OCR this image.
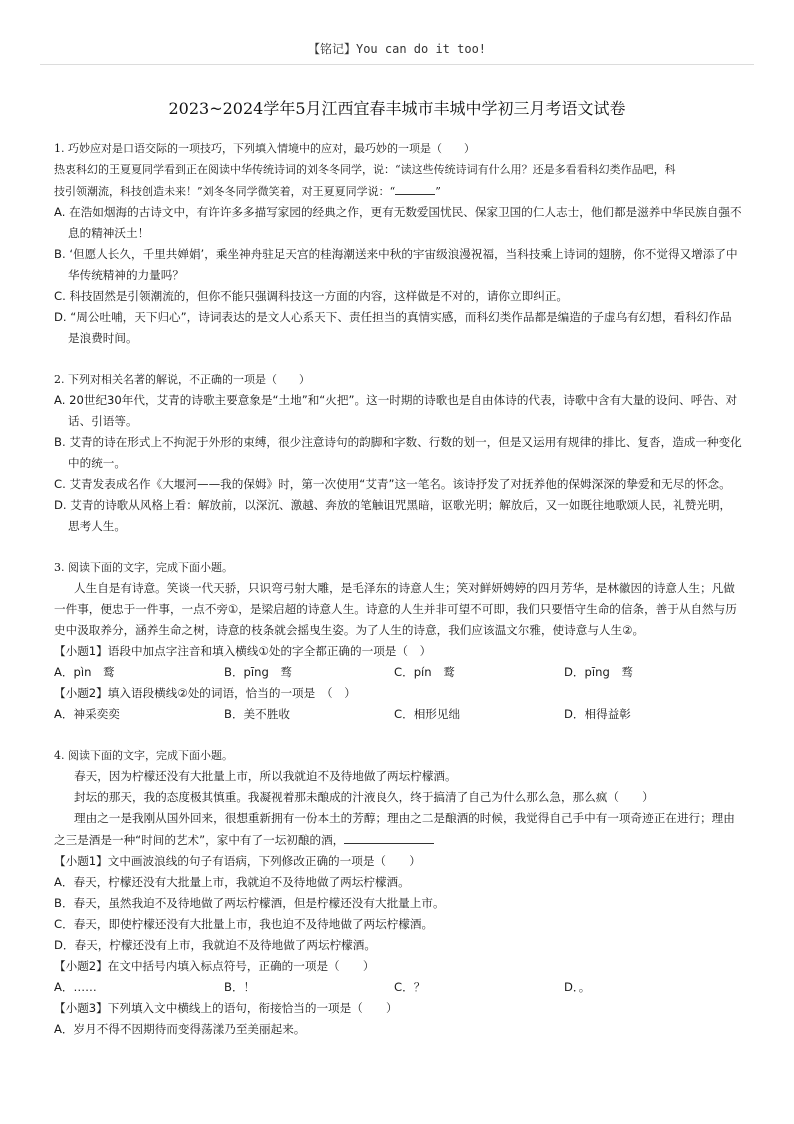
【铭记】You can do it too!
2023~2024学年5月江西宜春丰城市丰城中学初三月考语文试卷
1. 巧妙应对是口语交际的一项技巧，下列填入情境中的应对，最巧妙的一项是（　　）
热衷科幻的王夏夏同学看到正在阅读中华传统诗词的刘冬冬同学，说：“读这些传统诗词有什么用？还是多看看科幻类作品吧，科
技引领潮流，科技创造未来！”刘冬冬同学微笑着，对王夏夏同学说：“	”
A. 在浩如烟海的古诗文中，有许许多多描写家园的经典之作，更有无数爱国忧民、保家卫国的仁人志士，他们都是滋养中华民族自强不息的精神沃土！
B. ‘但愿人长久，千里共婵娟’，乘坐神舟驻足天宫的桂海潮送来中秋的宇宙级浪漫祝福，当科技乘上诗词的翅膀，你不觉得又增添了中华传统精神的力量吗？
C. 科技固然是引领潮流的，但你不能只强调科技这一方面的内容，这样做是不对的，请你立即纠正。
D. “周公吐哺，天下归心”，诗词表达的是文人心系天下、责任担当的真情实感，而科幻类作品都是编造的子虚乌有幻想，看科幻作品是浪费时间。
2. 下列对相关名著的解说，不正确的一项是（　　）
A. 20世纪30年代，艾青的诗歌主要意象是“土地”和“火把”。这一时期的诗歌也是自由体诗的代表，诗歌中含有大量的设问、呼告、对话、引语等。
B. 艾青的诗在形式上不拘泥于外形的束缚，很少注意诗句的韵脚和字数、行数的划一，但是又运用有规律的排比、复沓，造成一种变化中的统一。
C. 艾青发表成名作《大堰河——我的保姆》时，第一次使用“艾青”这一笔名。该诗抒发了对抚养他的保姆深深的挚爱和无尽的怀念。
D. 艾青的诗歌从风格上看：解放前，以深沉、激越、奔放的笔触诅咒黑暗，讴歌光明；解放后，又一如既往地歌颂人民，礼赞光明，思考人生。
3. 阅读下面的文字，完成下面小题。
人生自是有诗意。笑谈一代天骄，只识弯弓射大雕，是毛泽东的诗意人生；笑对鲜妍娉婷的四月芳华，是林徽因的诗意人生；凡做一件事，便忠于一件事，一点不旁①，是梁启超的诗意人生。诗意的人生并非可望不可即，我们只要悟守生命的信条，善于从自然与历史中汲取养分，涵养生命之树，诗意的枝条就会摇曳生姿。为了人生的诗意，我们应该温文尔雅，使诗意与人生②。
【小题1】语段中加点字注音和填入横线①处的字全都正确的一项是（　）
A．pìn　鹜	B．pīng　骛	C．pín　鹜	D．pīng　骛
【小题2】填入语段横线②处的词语，恰当的一项是　（　）
A．神采奕奕	B．美不胜收	C．相形见绌	D．相得益彰
4. 阅读下面的文字，完成下面小题。
春天，因为柠檬还没有大批量上市，所以我就迫不及待地做了两坛柠檬酒。
封坛的那天，我的态度极其慎重。我凝视着那未酿成的汁液良久，终于搞清了自己为什么那么急，那么疯（　　）
理由之一是我刚从国外回来，很想重新拥有一份本土的芳醇；理由之二是酿酒的时候，我觉得自己手中有一项奇迹正在进行；理由之三是酒是一种“时间的艺术”，家中有了一坛初酿的酒，
【小题1】文中画波浪线的句子有语病，下列修改正确的一项是（　　）
A．春天，柠檬还没有大批量上市，我就迫不及待地做了两坛柠檬酒。
B．春天，虽然我迫不及待地做了两坛柠檬酒，但是柠檬还没有大批量上市。
C．春天，即使柠檬还没有大批量上市，我也迫不及待地做了两坛柠檬酒。
D．春天，柠檬还没有上市，我就迫不及待地做了两坛柠檬酒。
【小题2】在文中括号内填入标点符号，正确的一项是（　　）
A．……	B．！	C．？	D．。
【小题3】下列填入文中横线上的语句，衔接恰当的一项是（　　）
A．岁月不得不因期待而变得荡漾乃至美丽起来。
